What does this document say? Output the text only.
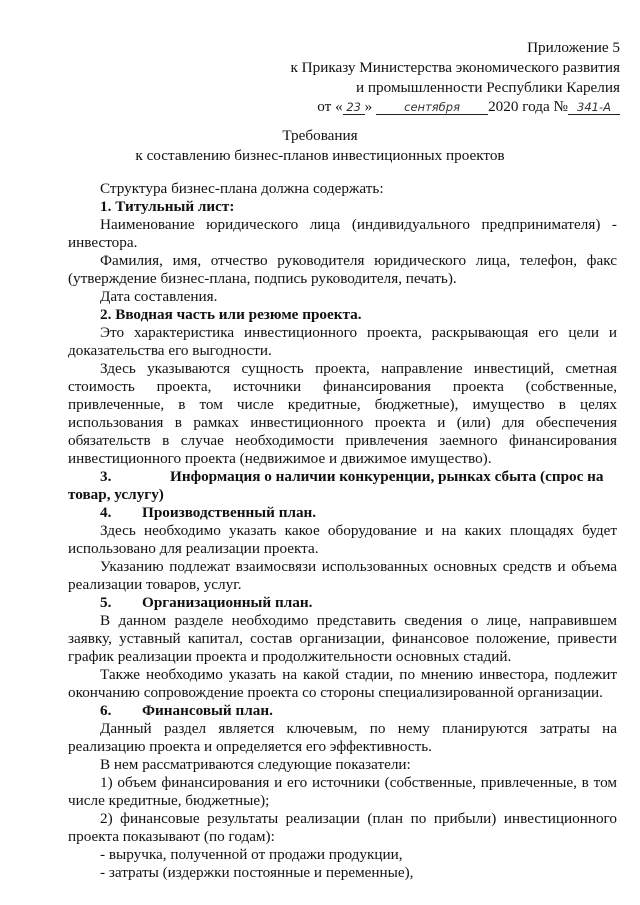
Приложение 5
к Приказу Министерства экономического развития
и промышленности Республики Карелия
от « 23 »	сентября 2020 года № 341-А
Требования
к составлению бизнес-планов инвестиционных проектов
Структура бизнес-плана должна содержать:
1. Титульный лист:
Наименование юридического лица (индивидуального предпринимателя) -
инвестора.
Фамилия, имя, отчество руководителя юридического лица, телефон, факс
(утверждение бизнес-плана, подпись руководителя, печать).
Дата составления.
2. Вводная часть или резюме проекта.
Это характеристика инвестиционного проекта, раскрывающая его цели и
доказательства его выгодности.
Здесь указываются сущность проекта, направление инвестиций, сметная
стоимость проекта, источники финансирования проекта (собственные,
привлеченные, в том числе кредитные, бюджетные), имущество в целях
использования в рамках инвестиционного проекта и (или) для обеспечения
обязательств в случае необходимости привлечения заемного финансирования
инвестиционного проекта (недвижимое и движимое имущество).
3.	Информация о наличии конкуренции, рынках сбыта (спрос на
товар, услугу)
4. Производственный план.
Здесь необходимо указать какое оборудование и на каких площадях будет
использовано для реализации проекта.
Указанию подлежат взаимосвязи использованных основных средств и объема
реализации товаров, услуг.
5. Организационный план.
В данном разделе необходимо представить сведения о лице, направившем
заявку, уставный капитал, состав организации, финансовое положение, привести
график реализации проекта и продолжительности основных стадий.
Также необходимо указать на какой стадии, по мнению инвестора, подлежит
окончанию сопровождение проекта со стороны специализированной организации.
6. Финансовый план.
Данный раздел является ключевым, по нему планируются затраты на
реализацию проекта и определяется его эффективность.
В нем рассматриваются следующие показатели:
1) объем финансирования и его источники (собственные, привлеченные, в том
числе кредитные, бюджетные);
2) финансовые результаты реализации (план по прибыли) инвестиционного
проекта показывают (по годам):
- выручка, полученной от продажи продукции,
- затраты (издержки постоянные и переменные),
